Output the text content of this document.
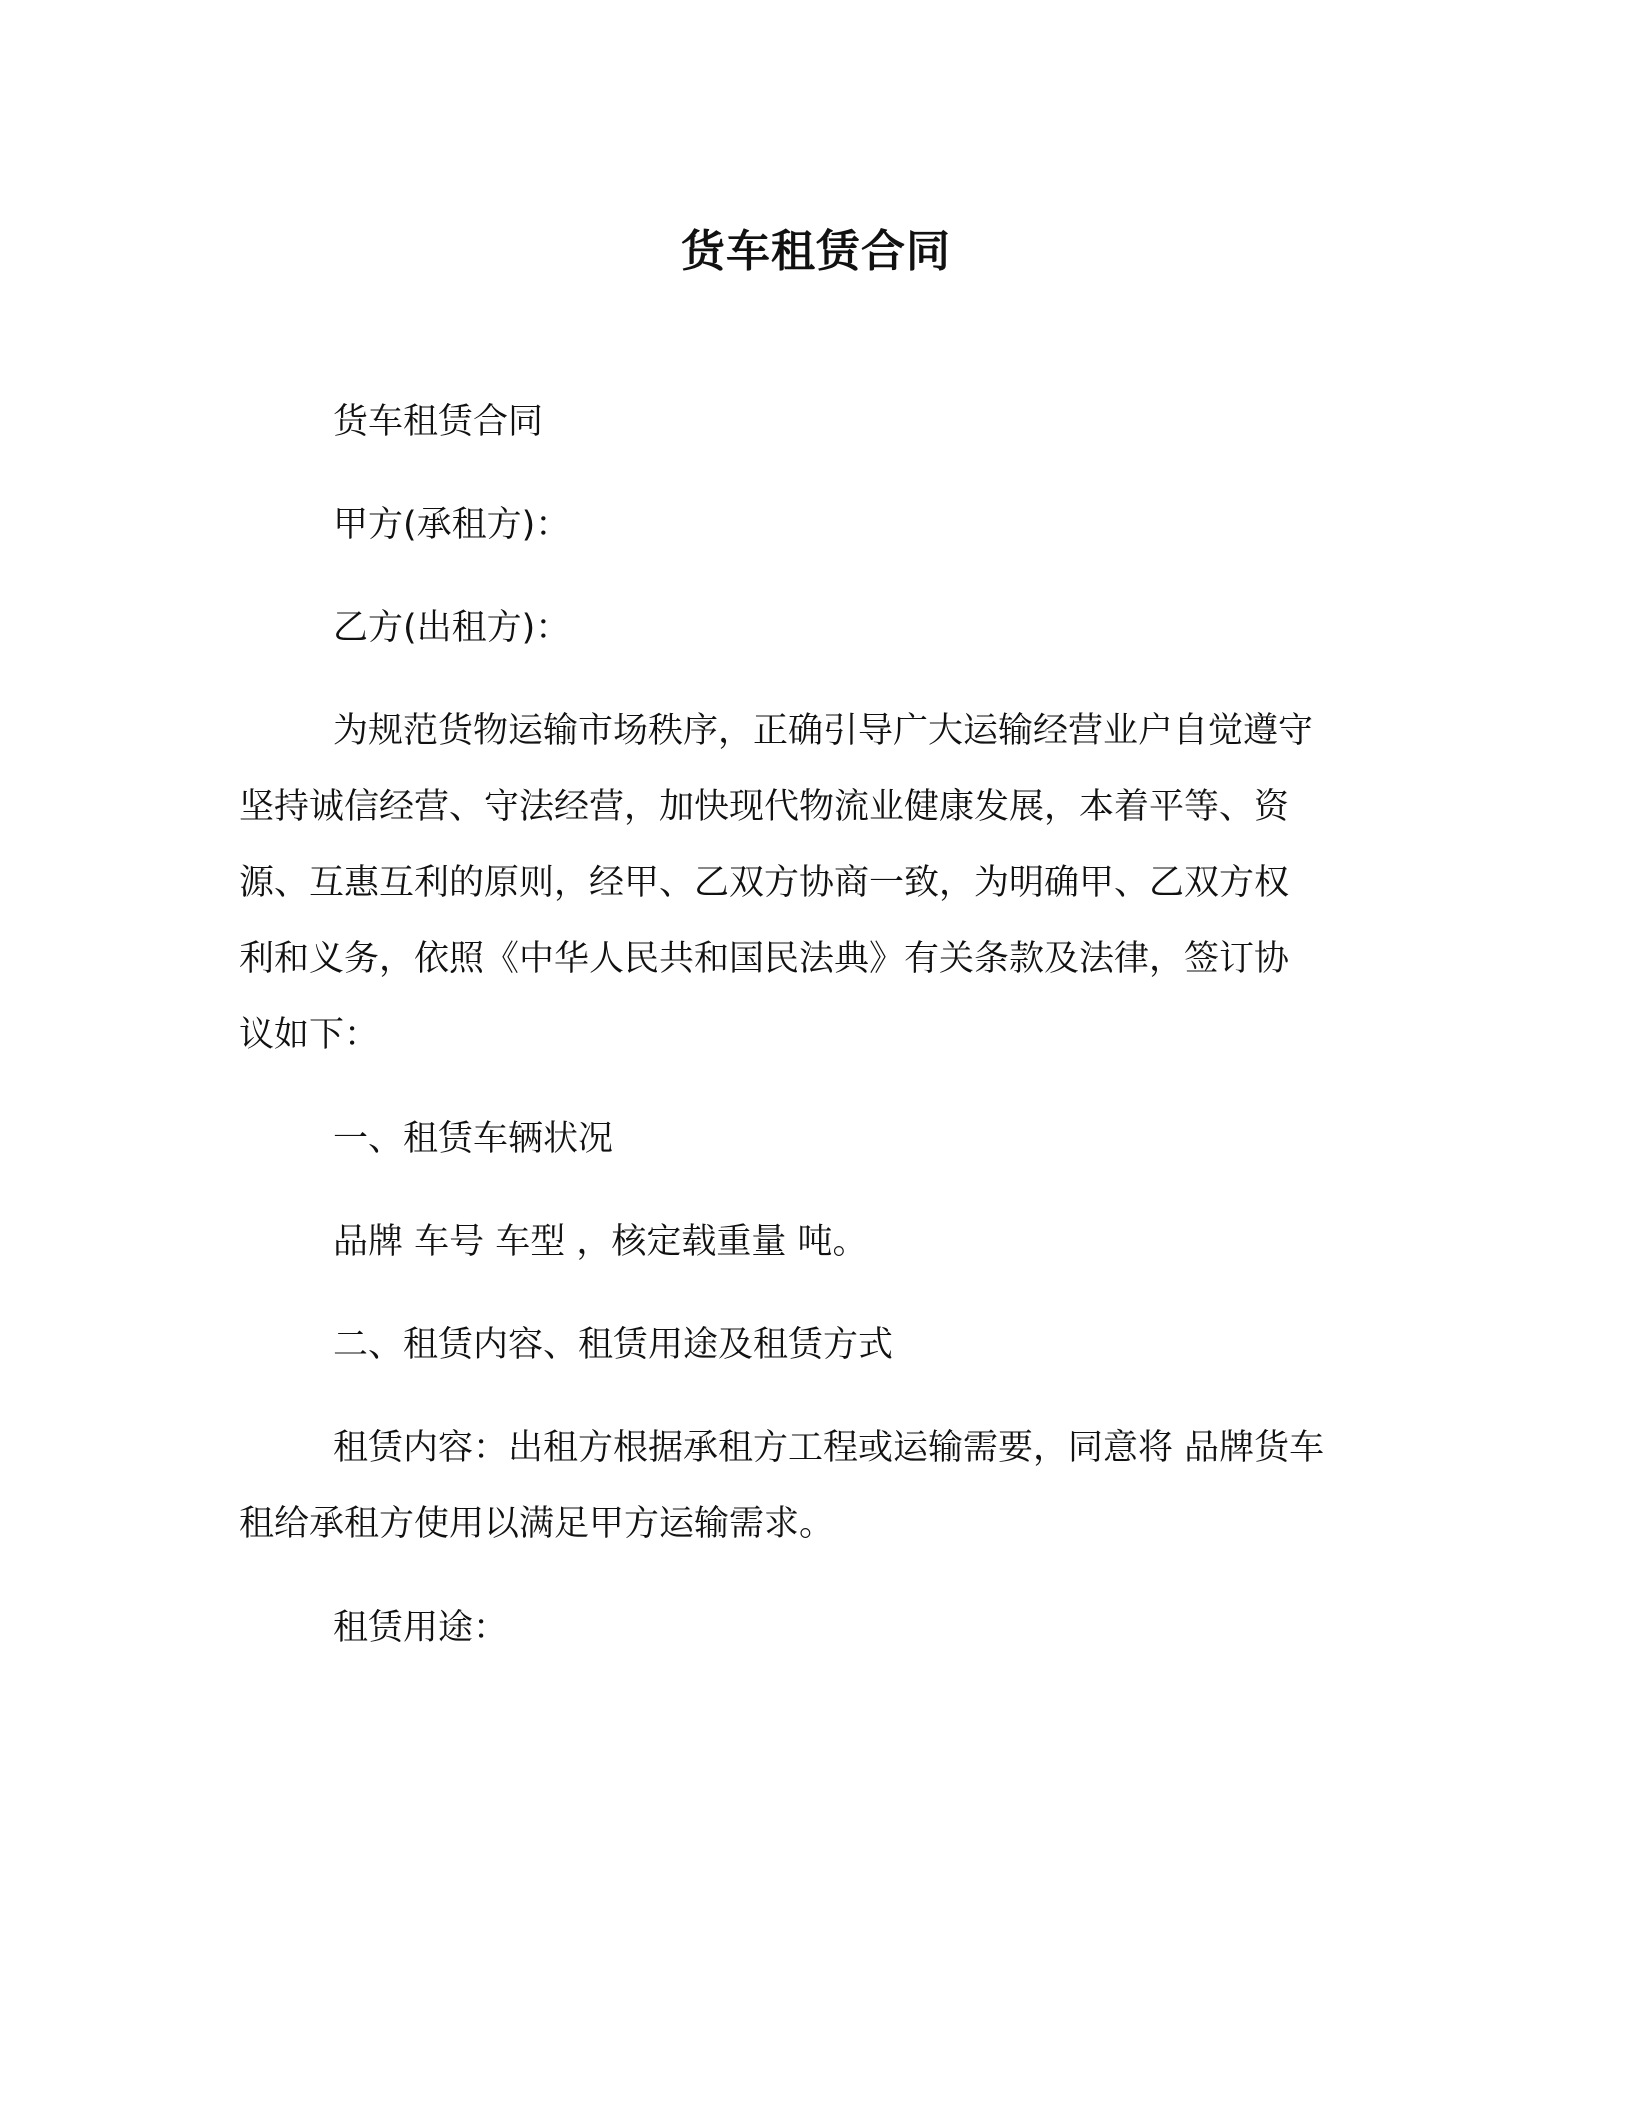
货车租赁合同

货车租赁合同

甲方(承租方)：

乙方(出租方)：

为规范货物运输市场秩序，正确引导广大运输经营业户自觉遵守

坚持诚信经营、守法经营，加快现代物流业健康发展，本着平等、资

源、互惠互利的原则，经甲、乙双方协商一致，为明确甲、乙双方权

利和义务，依照《中华人民共和国民法典》有关条款及法律，签订协

议如下：

一、租赁车辆状况

品牌 车号 车型 ，核定载重量 吨。

二、租赁内容、租赁用途及租赁方式

租赁内容：出租方根据承租方工程或运输需要，同意将 品牌货车

租给承租方使用以满足甲方运输需求。

租赁用途：
